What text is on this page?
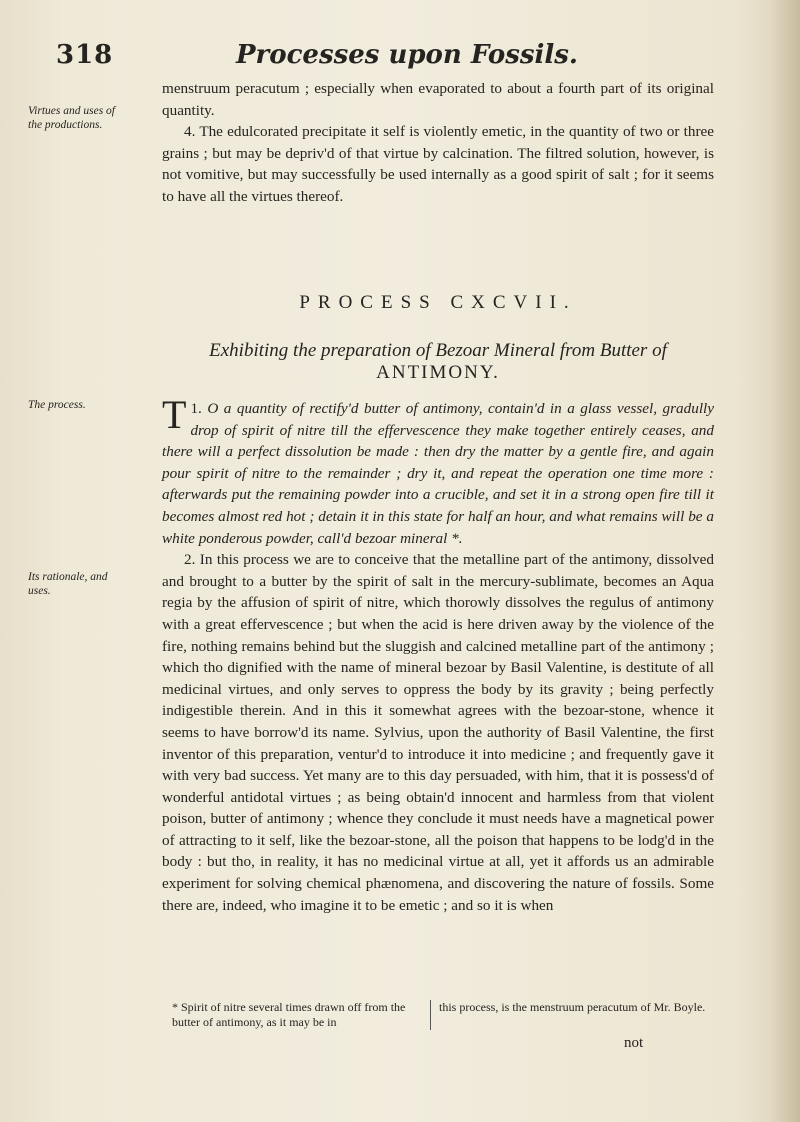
318	Processes upon Fossils.
Virtues and uses of the productions.
The process.
Its rationale, and uses.

menstruum peracutum ; especially when evaporated to about a fourth part of its original quantity.

4. The edulcorated precipitate it self is violently emetic, in the quantity of two or three grains ; but may be depriv'd of that virtue by calcination. The filtred solution, however, is not vomitive, but may successfully be used internally as a good spirit of salt ; for it seems to have all the virtues thereof.

PROCESS CXCVII.
Exhibiting the preparation of Bezoar Mineral from Butter of
ANTIMONY.

1.
T O a quantity of rectify'd butter of antimony, contain'd in a glass vessel, gradully drop of spirit of nitre till the effervescence they make together entirely ceases, and there will a perfect dissolution be made : then dry the matter by a gentle fire, and again pour spirit of nitre to the remainder ; dry it, and repeat the operation one time more : afterwards put the remaining powder into a crucible, and set it in a strong open fire till it becomes almost red hot ; detain it in this state for half an hour, and what remains will be a white ponderous powder, call'd bezoar mineral *.

2. In this process we are to conceive that the metalline part of the antimony, dissolved and brought to a butter by the spirit of salt in the mercury-sublimate, becomes an Aqua regia by the affusion of spirit of nitre, which thorowly dissolves the regulus of antimony with a great effervescence ; but when the acid is here driven away by the violence of the fire, nothing remains behind but the sluggish and calcined metalline part of the antimony ; which tho dignified with the name of mineral bezoar by Basil Valentine, is destitute of all medicinal virtues, and only serves to oppress the body by its gravity ; being perfectly indigestible therein. And in this it somewhat agrees with the bezoar-stone, whence it seems to have borrow'd its name. Sylvius, upon the authority of Basil Valentine, the first inventor of this preparation, ventur'd to introduce it into medicine ; and frequently gave it with very bad success. Yet many are to this day persuaded, with him, that it is possess'd of wonderful antidotal virtues ; as being obtain'd innocent and harmless from that violent poison, butter of antimony ; whence they conclude it must needs have a magnetical power of attracting to it self, like the bezoar-stone, all the poison that happens to be lodg'd in the body : but tho, in reality, it has no medicinal virtue at all, yet it affords us an admirable experiment for solving chemical phænomena, and discovering the nature of fossils. Some there are, indeed, who imagine it to be emetic ; and so it is when

* Spirit of nitre several times drawn off from the butter of antimony, as it may be in
this process, is the menstruum peracutum of Mr. Boyle.
not
